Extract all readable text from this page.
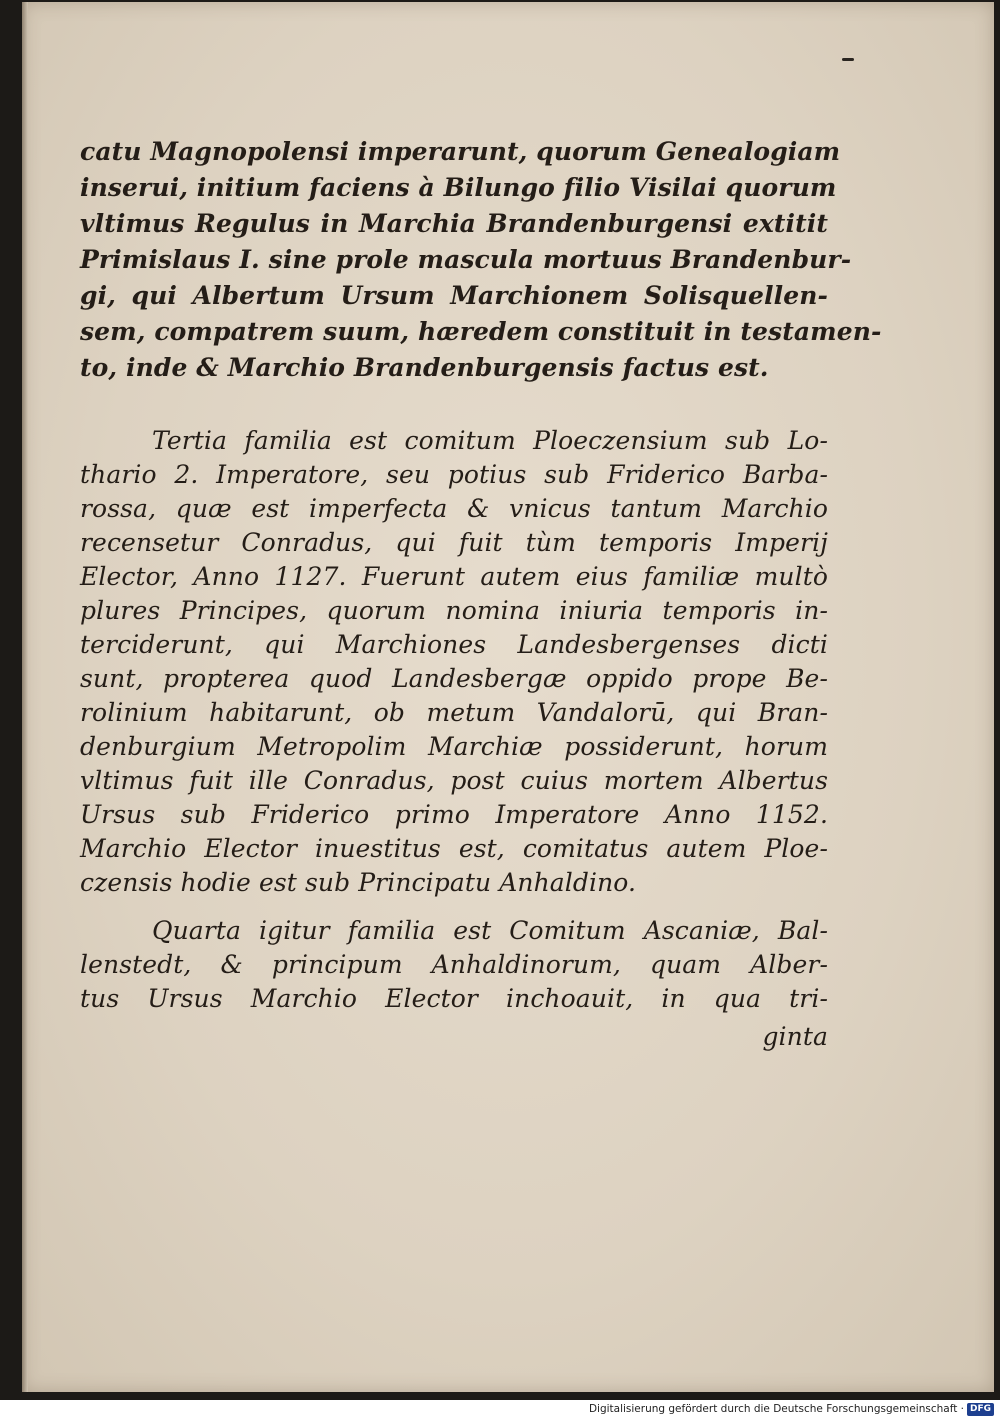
catu Magnopolensi imperarunt, quorum Genealogiam
inserui, initium faciens à Bilungo filio Visilai quorum
vltimus Regulus in Marchia Brandenburgensi extitit
Primislaus I. sine prole mascula mortuus Brandenbur-
gi, qui Albertum Ursum Marchionem Solisquellen-
sem, compatrem suum, hæredem constituit in testamen-
to, inde & Marchio Brandenburgensis factus est.
Tertia familia est comitum Ploeczensium sub Lo-
thario 2. Imperatore, seu potius sub Friderico Barba-
rossa, quæ est imperfecta & vnicus tantum Marchio
recensetur Conradus, qui fuit tùm temporis Imperij
Elector, Anno 1127. Fuerunt autem eius familiæ multò
plures Principes, quorum nomina iniuria temporis in-
terciderunt, qui Marchiones Landesbergenses dicti
sunt, propterea quod Landesbergæ oppido prope Be-
rolinium habitarunt, ob metum Vandalorū, qui Bran-
denburgium Metropolim Marchiæ possiderunt, horum
vltimus fuit ille Conradus, post cuius mortem Albertus
Ursus sub Friderico primo Imperatore Anno 1152.
Marchio Elector inuestitus est, comitatus autem Ploe-
czensis hodie est sub Principatu Anhaldino.
Quarta igitur familia est Comitum Ascaniæ, Bal-
lenstedt, & principum Anhaldinorum, quam Alber-
tus Ursus Marchio Elector inchoauit, in qua tri-
ginta
Digitalisierung gefördert durch die Deutsche Forschungsgemeinschaft · DFG
